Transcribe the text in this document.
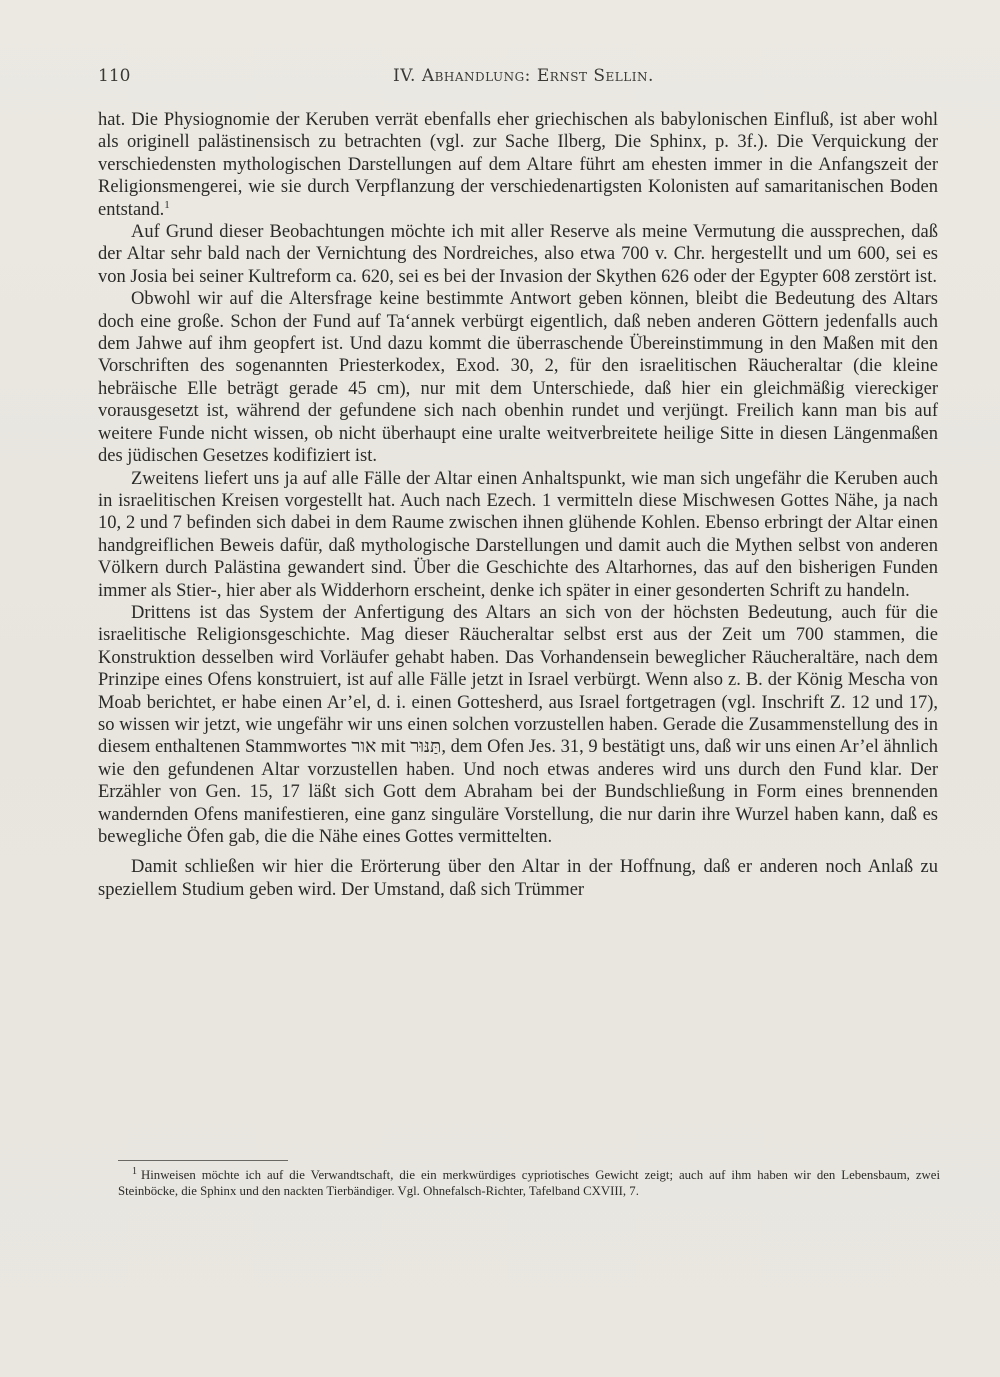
110	IV. Abhandlung: Ernst Sellin.

hat. Die Physiognomie der Keruben verrät ebenfalls eher griechischen als babylonischen Einfluß, ist aber wohl als originell palästinensisch zu betrachten (vgl. zur Sache Ilberg, Die Sphinx, p. 3f.). Die Verquickung der verschiedensten mythologischen Darstellungen auf dem Altare führt am ehesten immer in die Anfangszeit der Religionsmengerei, wie sie durch Verpflanzung der verschiedenartigsten Kolonisten auf samaritanischen Boden entstand.$^1$

Auf Grund dieser Beobachtungen möchte ich mit aller Reserve als meine Vermutung die aussprechen, daß der Altar sehr bald nach der Vernichtung des Nordreiches, also etwa 700 v. Chr. hergestellt und um 600, sei es von Josia bei seiner Kultreform ca. 620, sei es bei der Invasion der Skythen 626 oder der Egypter 608 zerstört ist.

Obwohl wir auf die Altersfrage keine bestimmte Antwort geben können, bleibt die Bedeutung des Altars doch eine große. Schon der Fund auf Ta‘annek verbürgt eigentlich, daß neben anderen Göttern jedenfalls auch dem Jahwe auf ihm geopfert ist. Und dazu kommt die überraschende Übereinstimmung in den Maßen mit den Vorschriften des sogenannten Priesterkodex, Exod. 30, 2, für den israelitischen Räucheraltar (die kleine hebräische Elle beträgt gerade 45 cm), nur mit dem Unterschiede, daß hier ein gleichmäßig viereckiger vorausgesetzt ist, während der gefundene sich nach obenhin rundet und verjüngt. Freilich kann man bis auf weitere Funde nicht wissen, ob nicht überhaupt eine uralte weitverbreitete heilige Sitte in diesen Längenmaßen des jüdischen Gesetzes kodifiziert ist.

Zweitens liefert uns ja auf alle Fälle der Altar einen Anhaltspunkt, wie man sich ungefähr die Keruben auch in israelitischen Kreisen vorgestellt hat. Auch nach Ezech. 1 vermitteln diese Mischwesen Gottes Nähe, ja nach 10, 2 und 7 befinden sich dabei in dem Raume zwischen ihnen glühende Kohlen. Ebenso erbringt der Altar einen handgreiflichen Beweis dafür, daß mythologische Darstellungen und damit auch die Mythen selbst von anderen Völkern durch Palästina gewandert sind. Über die Geschichte des Altarhornes, das auf den bisherigen Funden immer als Stier-, hier aber als Widderhorn erscheint, denke ich später in einer gesonderten Schrift zu handeln.

Drittens ist das System der Anfertigung des Altars an sich von der höchsten Bedeutung, auch für die israelitische Religionsgeschichte. Mag dieser Räucheraltar selbst erst aus der Zeit um 700 stammen, die Konstruktion desselben wird Vorläufer gehabt haben. Das Vorhandensein beweglicher Räucheraltäre, nach dem Prinzipe eines Ofens konstruiert, ist auf alle Fälle jetzt in Israel verbürgt. Wenn also z. B. der König Mescha von Moab berichtet, er habe einen Ar’el, d. i. einen Gottesherd, aus Israel fortgetragen (vgl. Inschrift Z. 12 und 17), so wissen wir jetzt, wie ungefähr wir uns einen solchen vorzustellen haben. Gerade die Zusammenstellung des in diesem enthaltenen Stammwortes אור mit תַּנּוּר, dem Ofen Jes. 31, 9 bestätigt uns, daß wir uns einen Ar’el ähnlich wie den gefundenen Altar vorzustellen haben. Und noch etwas anderes wird uns durch den Fund klar. Der Erzähler von Gen. 15, 17 läßt sich Gott dem Abraham bei der Bundschließung in Form eines brennenden wandernden Ofens manifestieren, eine ganz singuläre Vorstellung, die nur darin ihre Wurzel haben kann, daß es bewegliche Öfen gab, die die Nähe eines Gottes vermittelten.

Damit schließen wir hier die Erörterung über den Altar in der Hoffnung, daß er anderen noch Anlaß zu speziellem Studium geben wird. Der Umstand, daß sich Trümmer

$^1$ Hinweisen möchte ich auf die Verwandtschaft, die ein merkwürdiges cypriotisches Gewicht zeigt; auch auf ihm haben wir den Lebensbaum, zwei Steinböcke, die Sphinx und den nackten Tierbändiger. Vgl. Ohnefalsch-Richter, Tafelband CXVIII, 7.
